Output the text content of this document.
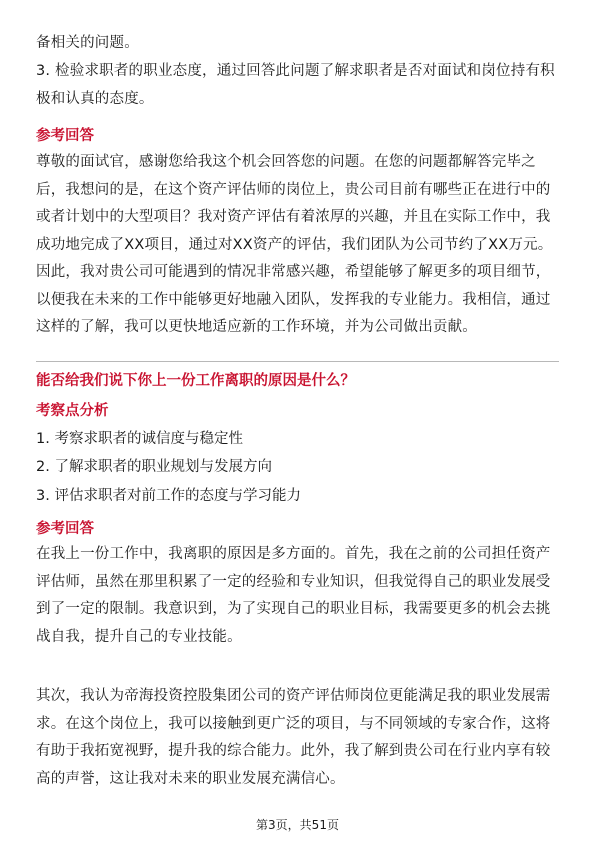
备相关的问题。
3. 检验求职者的职业态度，通过回答此问题了解求职者是否对面试和岗位持有积极和认真的态度。
参考回答
尊敬的面试官，感谢您给我这个机会回答您的问题。在您的问题都解答完毕之后，我想问的是，在这个资产评估师的岗位上，贵公司目前有哪些正在进行中的或者计划中的大型项目？我对资产评估有着浓厚的兴趣，并且在实际工作中，我成功地完成了XX项目，通过对XX资产的评估，我们团队为公司节约了XX万元。因此，我对贵公司可能遇到的情况非常感兴趣，希望能够了解更多的项目细节，以便我在未来的工作中能够更好地融入团队，发挥我的专业能力。我相信，通过这样的了解，我可以更快地适应新的工作环境，并为公司做出贡献。
能否给我们说下你上一份工作离职的原因是什么？
考察点分析
1. 考察求职者的诚信度与稳定性
2. 了解求职者的职业规划与发展方向
3. 评估求职者对前工作的态度与学习能力
参考回答
在我上一份工作中，我离职的原因是多方面的。首先，我在之前的公司担任资产评估师，虽然在那里积累了一定的经验和专业知识，但我觉得自己的职业发展受到了一定的限制。我意识到，为了实现自己的职业目标，我需要更多的机会去挑战自我，提升自己的专业技能。
其次，我认为帝海投资控股集团公司的资产评估师岗位更能满足我的职业发展需求。在这个岗位上，我可以接触到更广泛的项目，与不同领域的专家合作，这将有助于我拓宽视野，提升我的综合能力。此外，我了解到贵公司在行业内享有较高的声誉，这让我对未来的职业发展充满信心。
第3页，共51页
